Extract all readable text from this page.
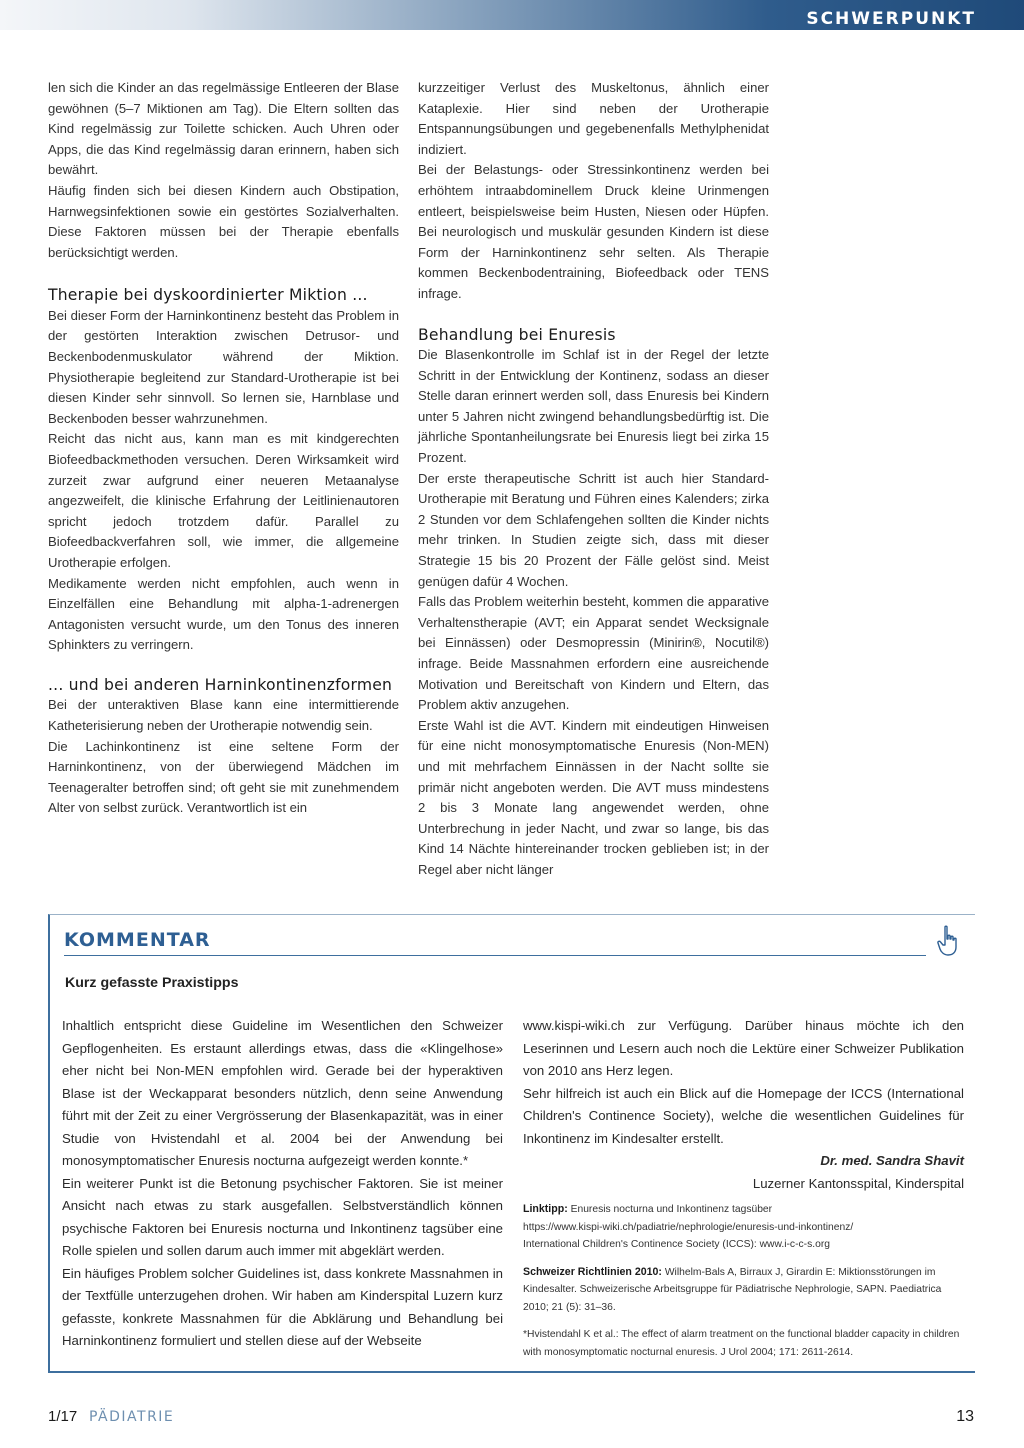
SCHWERPUNKT

len sich die Kinder an das regelmässige Entleeren der Blase gewöhnen (5–7 Miktionen am Tag). Die Eltern sollten das Kind regelmässig zur Toilette schicken. Auch Uhren oder Apps, die das Kind regelmässig daran erinnern, haben sich bewährt.

Häufig finden sich bei diesen Kindern auch Obstipation, Harnwegsinfektionen sowie ein gestörtes Sozialverhalten. Diese Faktoren müssen bei der Therapie ebenfalls berücksichtigt werden.

Therapie bei dyskoordinierter Miktion ...

Bei dieser Form der Harninkontinenz besteht das Problem in der gestörten Interaktion zwischen Detrusor- und Beckenbodenmuskulator während der Miktion. Physiotherapie begleitend zur Standard-Urotherapie ist bei diesen Kinder sehr sinnvoll. So lernen sie, Harnblase und Beckenboden besser wahrzunehmen.

Reicht das nicht aus, kann man es mit kindgerechten Biofeedbackmethoden versuchen. Deren Wirksamkeit wird zurzeit zwar aufgrund einer neueren Metaanalyse angezweifelt, die klinische Erfahrung der Leitlinienautoren spricht jedoch trotzdem dafür. Parallel zu Biofeedbackverfahren soll, wie immer, die allgemeine Urotherapie erfolgen.

Medikamente werden nicht empfohlen, auch wenn in Einzelfällen eine Behandlung mit alpha-1-adrenergen Antagonisten versucht wurde, um den Tonus des inneren Sphinkters zu verringern.

... und bei anderen Harninkontinenzformen

Bei der unteraktiven Blase kann eine intermittierende Katheterisierung neben der Urotherapie notwendig sein.

Die Lachinkontinenz ist eine seltene Form der Harninkontinenz, von der überwiegend Mädchen im Teenageralter betroffen sind; oft geht sie mit zunehmendem Alter von selbst zurück. Verantwortlich ist ein

kurzzeitiger Verlust des Muskeltonus, ähnlich einer Kataplexie. Hier sind neben der Urotherapie Entspannungsübungen und gegebenenfalls Methylphenidat indiziert.

Bei der Belastungs- oder Stressinkontinenz werden bei erhöhtem intraabdominellem Druck kleine Urinmengen entleert, beispielsweise beim Husten, Niesen oder Hüpfen. Bei neurologisch und muskulär gesunden Kindern ist diese Form der Harninkontinenz sehr selten. Als Therapie kommen Beckenbodentraining, Biofeedback oder TENS infrage.

Behandlung bei Enuresis

Die Blasenkontrolle im Schlaf ist in der Regel der letzte Schritt in der Entwicklung der Kontinenz, sodass an dieser Stelle daran erinnert werden soll, dass Enuresis bei Kindern unter 5 Jahren nicht zwingend behandlungsbedürftig ist. Die jährliche Spontanheilungsrate bei Enuresis liegt bei zirka 15 Prozent.

Der erste therapeutische Schritt ist auch hier Standard-Urotherapie mit Beratung und Führen eines Kalenders; zirka 2 Stunden vor dem Schlafengehen sollten die Kinder nichts mehr trinken. In Studien zeigte sich, dass mit dieser Strategie 15 bis 20 Prozent der Fälle gelöst sind. Meist genügen dafür 4 Wochen.

Falls das Problem weiterhin besteht, kommen die apparative Verhaltenstherapie (AVT; ein Apparat sendet Wecksignale bei Einnässen) oder Desmopressin (Minirin®, Nocutil®) infrage. Beide Massnahmen erfordern eine ausreichende Motivation und Bereitschaft von Kindern und Eltern, das Problem aktiv anzugehen.

Erste Wahl ist die AVT. Kindern mit eindeutigen Hinweisen für eine nicht monosymptomatische Enuresis (Non-MEN) und mit mehrfachem Einnässen in der Nacht sollte sie primär nicht angeboten werden. Die AVT muss mindestens 2 bis 3 Monate lang angewendet werden, ohne Unterbrechung in jeder Nacht, und zwar so lange, bis das Kind 14 Nächte hintereinander trocken geblieben ist; in der Regel aber nicht länger

KOMMENTAR
Kurz gefasste Praxistipps

Inhaltlich entspricht diese Guideline im Wesentlichen den Schweizer Gepflogenheiten. Es erstaunt allerdings etwas, dass die «Klingelhose» eher nicht bei Non-MEN empfohlen wird. Gerade bei der hyperaktiven Blase ist der Weckapparat besonders nützlich, denn seine Anwendung führt mit der Zeit zu einer Vergrösserung der Blasenkapazität, was in einer Studie von Hvistendahl et al. 2004 bei der Anwendung bei monosymptomatischer Enuresis nocturna aufgezeigt werden konnte.*

Ein weiterer Punkt ist die Betonung psychischer Faktoren. Sie ist meiner Ansicht nach etwas zu stark ausgefallen. Selbstverständlich können psychische Faktoren bei Enuresis nocturna und Inkontinenz tagsüber eine Rolle spielen und sollen darum auch immer mit abgeklärt werden.

Ein häufiges Problem solcher Guidelines ist, dass konkrete Massnahmen in der Textfülle unterzugehen drohen. Wir haben am Kinderspital Luzern kurz gefasste, konkrete Massnahmen für die Abklärung und Behandlung bei Harninkontinenz formuliert und stellen diese auf der Webseite

www.kispi-wiki.ch zur Verfügung. Darüber hinaus möchte ich den Leserinnen und Lesern auch noch die Lektüre einer Schweizer Publikation von 2010 ans Herz legen.

Sehr hilfreich ist auch ein Blick auf die Homepage der ICCS (International Children's Continence Society), welche die wesentlichen Guidelines für Inkontinenz im Kindesalter erstellt.

Dr. med. Sandra Shavit

Luzerner Kantonsspital, Kinderspital

Linktipp: Enuresis nocturna und Inkontinenz tagsüber
https://www.kispi-wiki.ch/padiatrie/nephrologie/enuresis-und-inkontinenz/
International Children's Continence Society (ICCS): www.i-c-c-s.org

Schweizer Richtlinien 2010: Wilhelm-Bals A, Birraux J, Girardin E: Miktionsstörungen im Kindesalter. Schweizerische Arbeitsgruppe für Pädiatrische Nephrologie, SAPN. Paediatrica 2010; 21 (5): 31–36.

*Hvistendahl K et al.: The effect of alarm treatment on the functional bladder capacity in children with monosymptomatic nocturnal enuresis. J Urol 2004; 171: 2611-2614.

1/17 PÄDIATRIE	13
